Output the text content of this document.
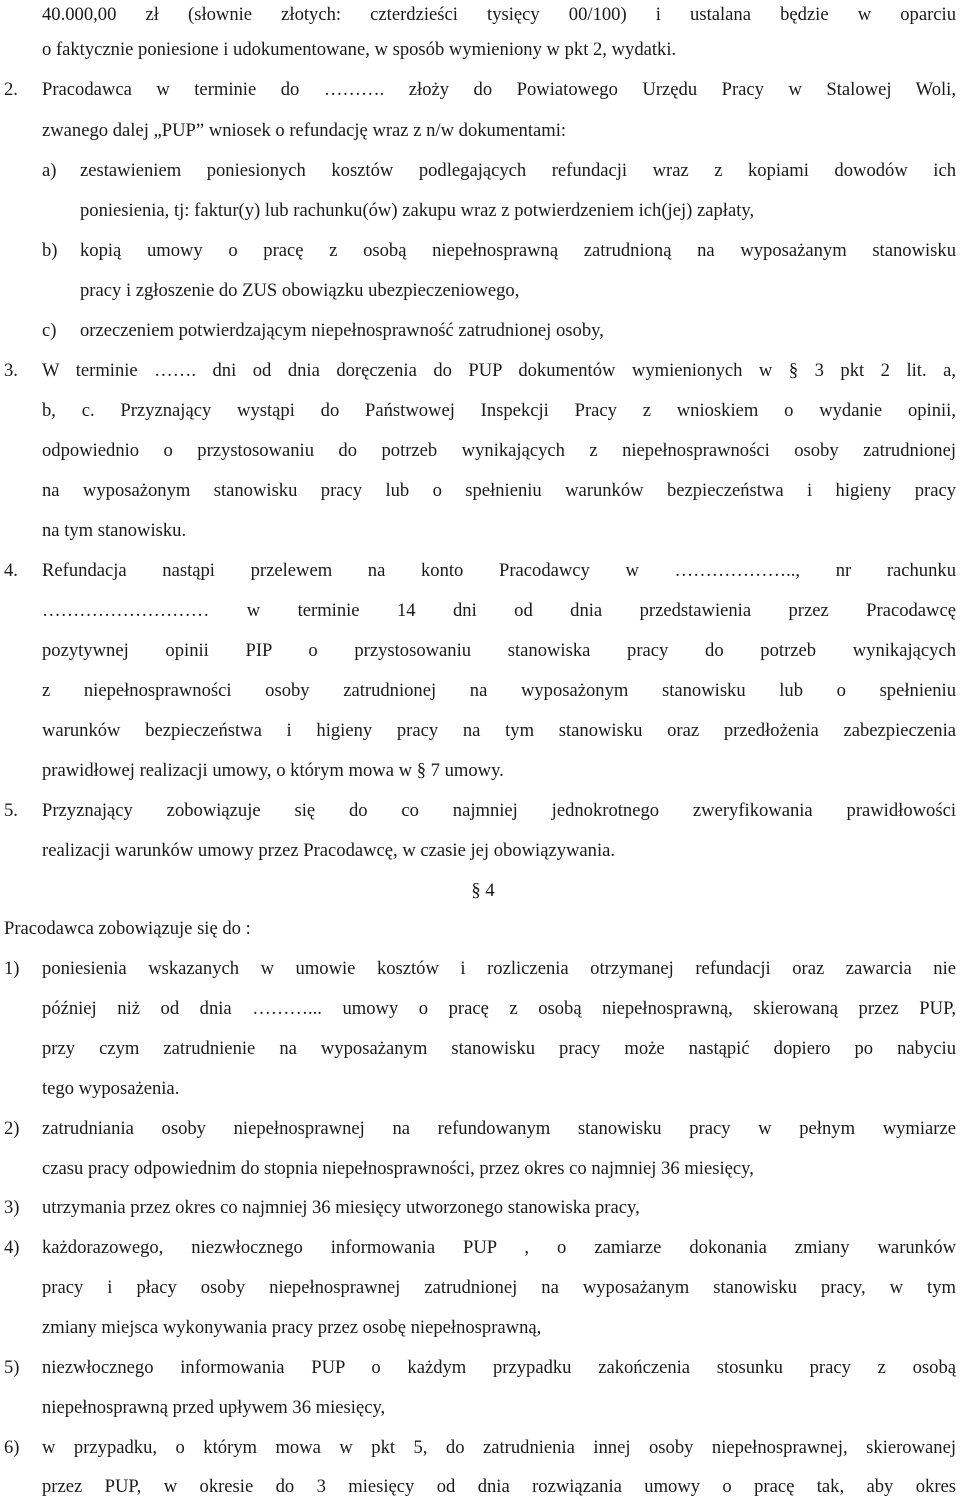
40.000,00 zł (słownie złotych: czterdzieści tysięcy 00/100) i ustalana będzie w oparciu
o faktycznie poniesione i udokumentowane, w sposób wymieniony w pkt 2, wydatki.
2. Pracodawca w terminie do ………. złoży do Powiatowego Urzędu Pracy w Stalowej Woli,
zwanego dalej „PUP” wniosek o refundację wraz z n/w dokumentami:
a) zestawieniem poniesionych kosztów podlegających refundacji wraz z kopiami dowodów ich
poniesienia, tj: faktur(y) lub rachunku(ów) zakupu wraz z potwierdzeniem ich(jej) zapłaty,
b) kopią umowy o pracę z osobą niepełnosprawną zatrudnioną na wyposażanym stanowisku
pracy i zgłoszenie do ZUS obowiązku ubezpieczeniowego,
c) orzeczeniem potwierdzającym niepełnosprawność zatrudnionej osoby,
3. W terminie ……. dni od dnia doręczenia do PUP dokumentów wymienionych w § 3 pkt 2 lit. a,
b, c. Przyznający wystąpi do Państwowej Inspekcji Pracy z wnioskiem o wydanie opinii,
odpowiednio o przystosowaniu do potrzeb wynikających z niepełnosprawności osoby zatrudnionej
na wyposażonym stanowisku pracy lub o spełnieniu warunków bezpieczeństwa i higieny pracy
na tym stanowisku.
4. Refundacja nastąpi przelewem na konto Pracodawcy w ……………….., nr rachunku
……………………… w terminie 14 dni od dnia przedstawienia przez Pracodawcę
pozytywnej opinii PIP o przystosowaniu stanowiska pracy do potrzeb wynikających
z niepełnosprawności osoby zatrudnionej na wyposażonym stanowisku lub o spełnieniu
warunków bezpieczeństwa i higieny pracy na tym stanowisku oraz przedłożenia zabezpieczenia
prawidłowej realizacji umowy, o którym mowa w § 7 umowy.
5. Przyznający zobowiązuje się do co najmniej jednokrotnego zweryfikowania prawidłowości
realizacji warunków umowy przez Pracodawcę, w czasie jej obowiązywania.
§ 4
Pracodawca zobowiązuje się do :
1) poniesienia wskazanych w umowie kosztów i rozliczenia otrzymanej refundacji oraz zawarcia nie
później niż od dnia ………... umowy o pracę z osobą niepełnosprawną, skierowaną przez PUP,
przy czym zatrudnienie na wyposażanym stanowisku pracy może nastąpić dopiero po nabyciu
tego wyposażenia.
2) zatrudniania osoby niepełnosprawnej na refundowanym stanowisku pracy w pełnym wymiarze
czasu pracy odpowiednim do stopnia niepełnosprawności, przez okres co najmniej 36 miesięcy,
3) utrzymania przez okres co najmniej 36 miesięcy utworzonego stanowiska pracy,
4) każdorazowego, niezwłocznego informowania PUP , o zamiarze dokonania zmiany warunków
pracy i płacy osoby niepełnosprawnej zatrudnionej na wyposażanym stanowisku pracy, w tym
zmiany miejsca wykonywania pracy przez osobę niepełnosprawną,
5) niezwłocznego informowania PUP o każdym przypadku zakończenia stosunku pracy z osobą
niepełnosprawną przed upływem 36 miesięcy,
6) w przypadku, o którym mowa w pkt 5, do zatrudnienia innej osoby niepełnosprawnej, skierowanej
przez PUP, w okresie do 3 miesięcy od dnia rozwiązania umowy o pracę tak, aby okres
